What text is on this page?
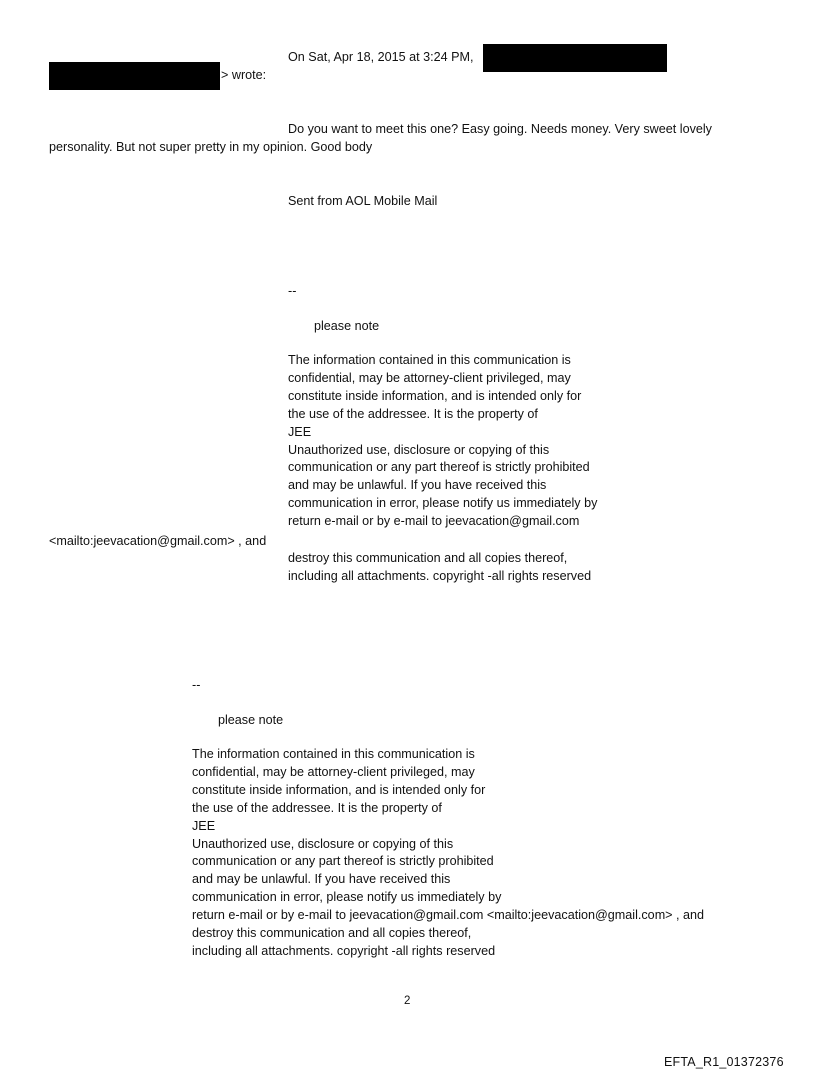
On Sat, Apr 18, 2015 at 3:24 PM,
> wrote:
Do you want to meet this one? Easy going. Needs money. Very sweet lovely
personality. But not super pretty in my opinion. Good body
Sent from AOL Mobile Mail
--
please note
The information contained in this communication is
confidential, may be attorney-client privileged, may
constitute inside information, and is intended only for
the use of the addressee. It is the property of
JEE
Unauthorized use, disclosure or copying of this
communication or any part thereof is strictly prohibited
and may be unlawful. If you have received this
communication in error, please notify us immediately by
return e-mail or by e-mail to jeevacation@gmail.com
<mailto:jeevacation@gmail.com> , and
destroy this communication and all copies thereof,
including all attachments. copyright -all rights reserved
--
please note
The information contained in this communication is
confidential, may be attorney-client privileged, may
constitute inside information, and is intended only for
the use of the addressee. It is the property of
JEE
Unauthorized use, disclosure or copying of this
communication or any part thereof is strictly prohibited
and may be unlawful. If you have received this
communication in error, please notify us immediately by
return e-mail or by e-mail to jeevacation@gmail.com <mailto:jeevacation@gmail.com> , and
destroy this communication and all copies thereof,
including all attachments. copyright -all rights reserved
2
EFTA_R1_01372376
